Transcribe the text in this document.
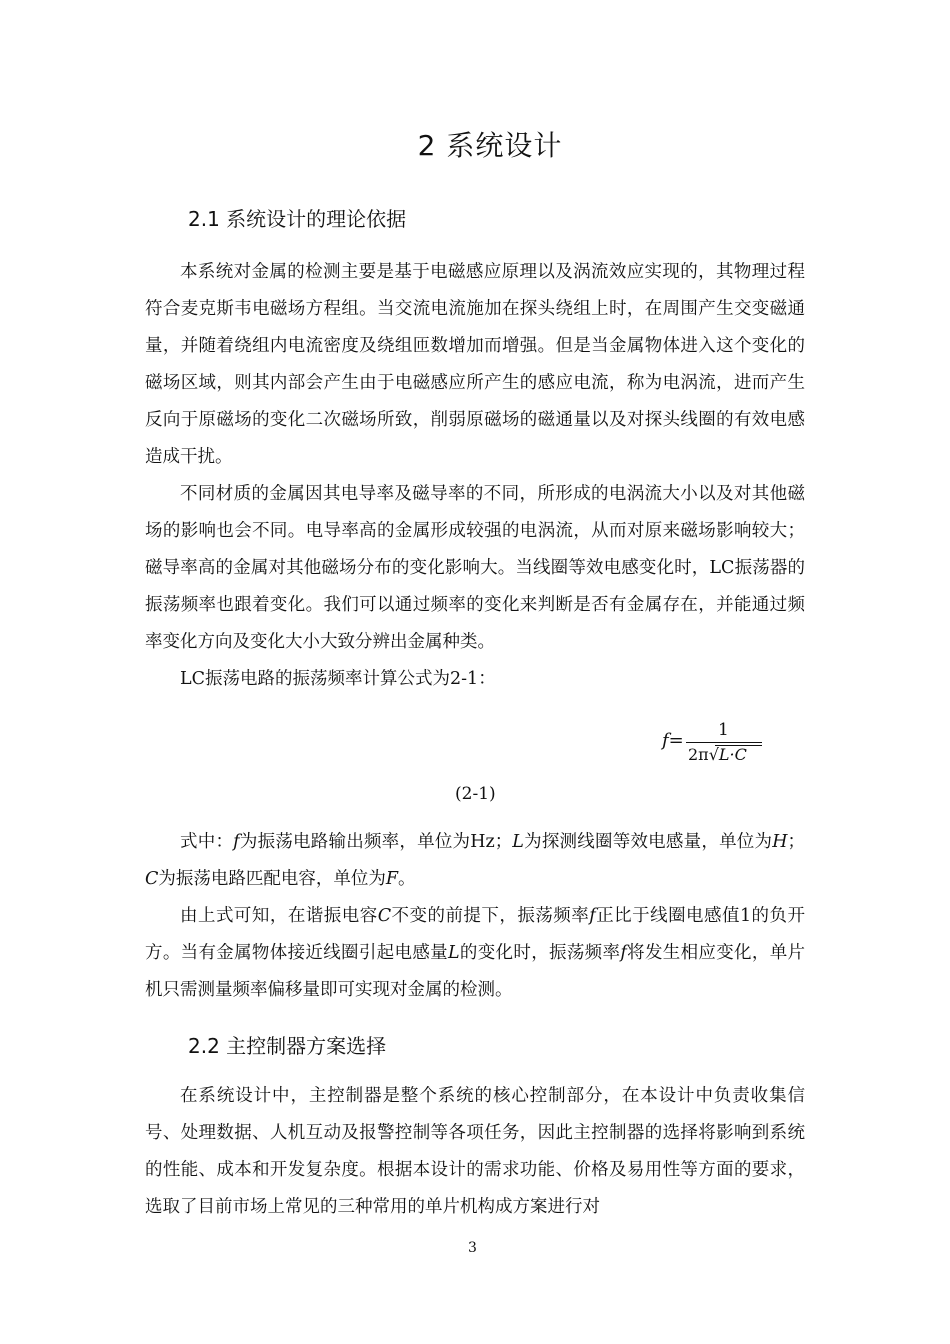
2 系统设计
2.1 系统设计的理论依据

本系统对金属的检测主要是基于电磁感应原理以及涡流效应实现的，其物理过程符合麦克斯韦电磁场方程组。当交流电流施加在探头绕组上时，在周围产生交变磁通量，并随着绕组内电流密度及绕组匝数增加而增强。但是当金属物体进入这个变化的磁场区域，则其内部会产生由于电磁感应所产生的感应电流，称为电涡流，进而产生反向于原磁场的变化二次磁场所致，削弱原磁场的磁通量以及对探头线圈的有效电感造成干扰。

不同材质的金属因其电导率及磁导率的不同，所形成的电涡流大小以及对其他磁场的影响也会不同。电导率高的金属形成较强的电涡流，从而对原来磁场影响较大；磁导率高的金属对其他磁场分布的变化影响大。当线圈等效电感变化时，LC振荡器的振荡频率也跟着变化。我们可以通过频率的变化来判断是否有金属存在，并能通过频率变化方向及变化大小大致分辨出金属种类。

LC振荡电路的振荡频率计算公式为2-1：

f= 1
2π√L·C

(2-1)

式中：f为振荡电路输出频率，单位为Hz；L为探测线圈等效电感量，单位为H；C为振荡电路匹配电容，单位为F。

由上式可知，在谐振电容C不变的前提下，振荡频率f正比于线圈电感值1的负开方。当有金属物体接近线圈引起电感量L的变化时，振荡频率f将发生相应变化，单片机只需测量频率偏移量即可实现对金属的检测。

2.2 主控制器方案选择

在系统设计中，主控制器是整个系统的核心控制部分，在本设计中负责收集信号、处理数据、人机互动及报警控制等各项任务，因此主控制器的选择将影响到系统的性能、成本和开发复杂度。根据本设计的需求功能、价格及易用性等方面的要求，选取了目前市场上常见的三种常用的单片机构成方案进行对

3
